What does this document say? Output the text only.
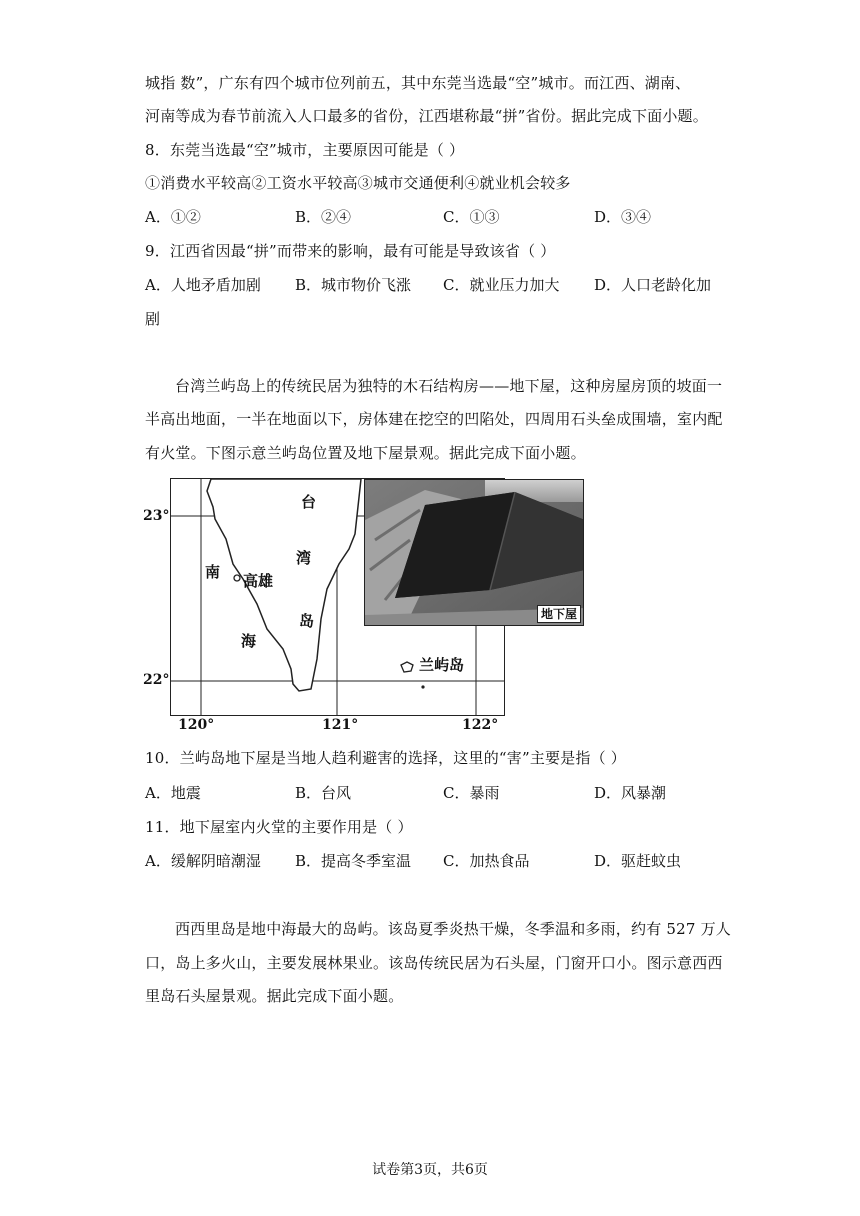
城指 数”，广东有四个城市位列前五，其中东莞当选最“空”城市。而江西、湖南、
河南等成为春节前流入人口最多的省份，江西堪称最“拼”省份。据此完成下面小题。
8．东莞当选最“空”城市，主要原因可能是（ ）
①消费水平较高②工资水平较高③城市交通便利④就业机会较多
A．①②	B．②④	C．①③	D．③④
9．江西省因最“拼”而带来的影响，最有可能是导致该省（ ）
A．人地矛盾加剧 B．城市物价飞涨 C．就业压力加大 D．人口老龄化加
剧
台湾兰屿岛上的传统民居为独特的木石结构房——地下屋，这种房屋房顶的坡面一
半高出地面，一半在地面以下，房体建在挖空的凹陷处，四周用石头垒成围墙，室内配
有火堂。下图示意兰屿岛位置及地下屋景观。据此完成下面小题。
23°
22°
120°	121°	122°
台
湾
岛
南
海
高雄
兰屿岛
地下屋
10．兰屿岛地下屋是当地人趋利避害的选择，这里的“害”主要是指（ ）
A．地震	B．台风	C．暴雨	D．风暴潮
11．地下屋室内火堂的主要作用是（ ）
A．缓解阴暗潮湿 B．提高冬季室温 C．加热食品	D．驱赶蚊虫
西西里岛是地中海最大的岛屿。该岛夏季炎热干燥，冬季温和多雨，约有 527 万人
口，岛上多火山，主要发展林果业。该岛传统民居为石头屋，门窗开口小。图示意西西
里岛石头屋景观。据此完成下面小题。
试卷第3页，共6页
